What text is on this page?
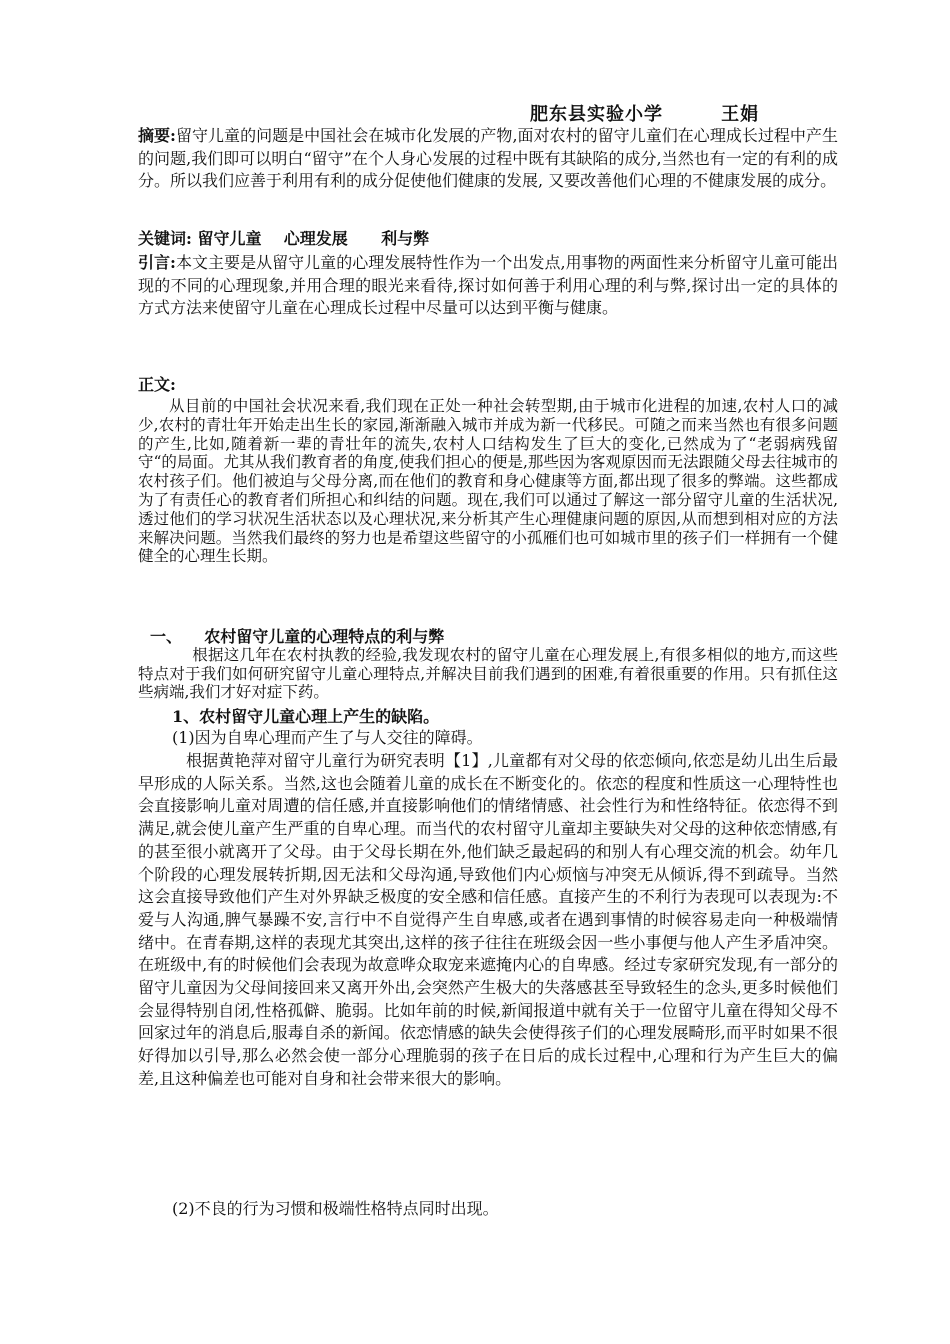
肥东县实验小学        王娟
摘要:留守儿童的问题是中国社会在城市化发展的产物,面对农村的留守儿童们在心理成长过程中产生的问题,我们即可以明白“留守”在个人身心发展的过程中既有其缺陷的成分,当然也有一定的有利的成分。所以我们应善于利用有利的成分促使他们健康的发展, 又要改善他们心理的不健康发展的成分。
关键词: 留守儿童    心理发展      利与弊
引言:本文主要是从留守儿童的心理发展特性作为一个出发点,用事物的两面性来分析留守儿童可能出现的不同的心理现象,并用合理的眼光来看待,探讨如何善于利用心理的利与弊,探讨出一定的具体的方式方法来使留守儿童在心理成长过程中尽量可以达到平衡与健康。
正文:
从目前的中国社会状况来看,我们现在正处一种社会转型期,由于城市化进程的加速,农村人口的减少,农村的青壮年开始走出生长的家园,渐渐融入城市并成为新一代移民。可随之而来当然也有很多问题的产生,比如,随着新一辈的青壮年的流失,农村人口结构发生了巨大的变化,已然成为了“老弱病残留守“的局面。尤其从我们教育者的角度,使我们担心的便是,那些因为客观原因而无法跟随父母去往城市的农村孩子们。他们被迫与父母分离,而在他们的教育和身心健康等方面,都出现了很多的弊端。这些都成为了有责任心的教育者们所担心和纠结的问题。现在,我们可以通过了解这一部分留守儿童的生活状况,透过他们的学习状况生活状态以及心理状况,来分析其产生心理健康问题的原因,从而想到相对应的方法来解决问题。当然我们最终的努力也是希望这些留守的小孤雁们也可如城市里的孩子们一样拥有一个健健全的心理生长期。
一、    农村留守儿童的心理特点的利与弊
根据这几年在农村执教的经验,我发现农村的留守儿童在心理发展上,有很多相似的地方,而这些特点对于我们如何研究留守儿童心理特点,并解决目前我们遇到的困难,有着很重要的作用。只有抓住这些病端,我们才好对症下药。
1、农村留守儿童心理上产生的缺陷。
(1)因为自卑心理而产生了与人交往的障碍。
根据黄艳萍对留守儿童行为研究表明【1】,儿童都有对父母的依恋倾向,依恋是幼儿出生后最早形成的人际关系。当然,这也会随着儿童的成长在不断变化的。依恋的程度和性质这一心理特性也会直接影响儿童对周遭的信任感,并直接影响他们的情绪情感、社会性行为和性络特征。依恋得不到满足,就会使儿童产生严重的自卑心理。而当代的农村留守儿童却主要缺失对父母的这种依恋情感,有的甚至很小就离开了父母。由于父母长期在外,他们缺乏最起码的和别人有心理交流的机会。幼年几个阶段的心理发展转折期,因无法和父母沟通,导致他们内心烦恼与冲突无从倾诉,得不到疏导。当然这会直接导致他们产生对外界缺乏极度的安全感和信任感。直接产生的不利行为表现可以表现为:不爱与人沟通,脾气暴躁不安,言行中不自觉得产生自卑感,或者在遇到事情的时候容易走向一种极端情绪中。在青春期,这样的表现尤其突出,这样的孩子往往在班级会因一些小事便与他人产生矛盾冲突。在班级中,有的时候他们会表现为故意哗众取宠来遮掩内心的自卑感。经过专家研究发现,有一部分的留守儿童因为父母间接回来又离开外出,会突然产生极大的失落感甚至导致轻生的念头,更多时候他们会显得特别自闭,性格孤僻、脆弱。比如年前的时候,新闻报道中就有关于一位留守儿童在得知父母不回家过年的消息后,服毒自杀的新闻。依恋情感的缺失会使得孩子们的心理发展畸形,而平时如果不很好得加以引导,那么必然会使一部分心理脆弱的孩子在日后的成长过程中,心理和行为产生巨大的偏差,且这种偏差也可能对自身和社会带来很大的影响。
(2)不良的行为习惯和极端性格特点同时出现。
